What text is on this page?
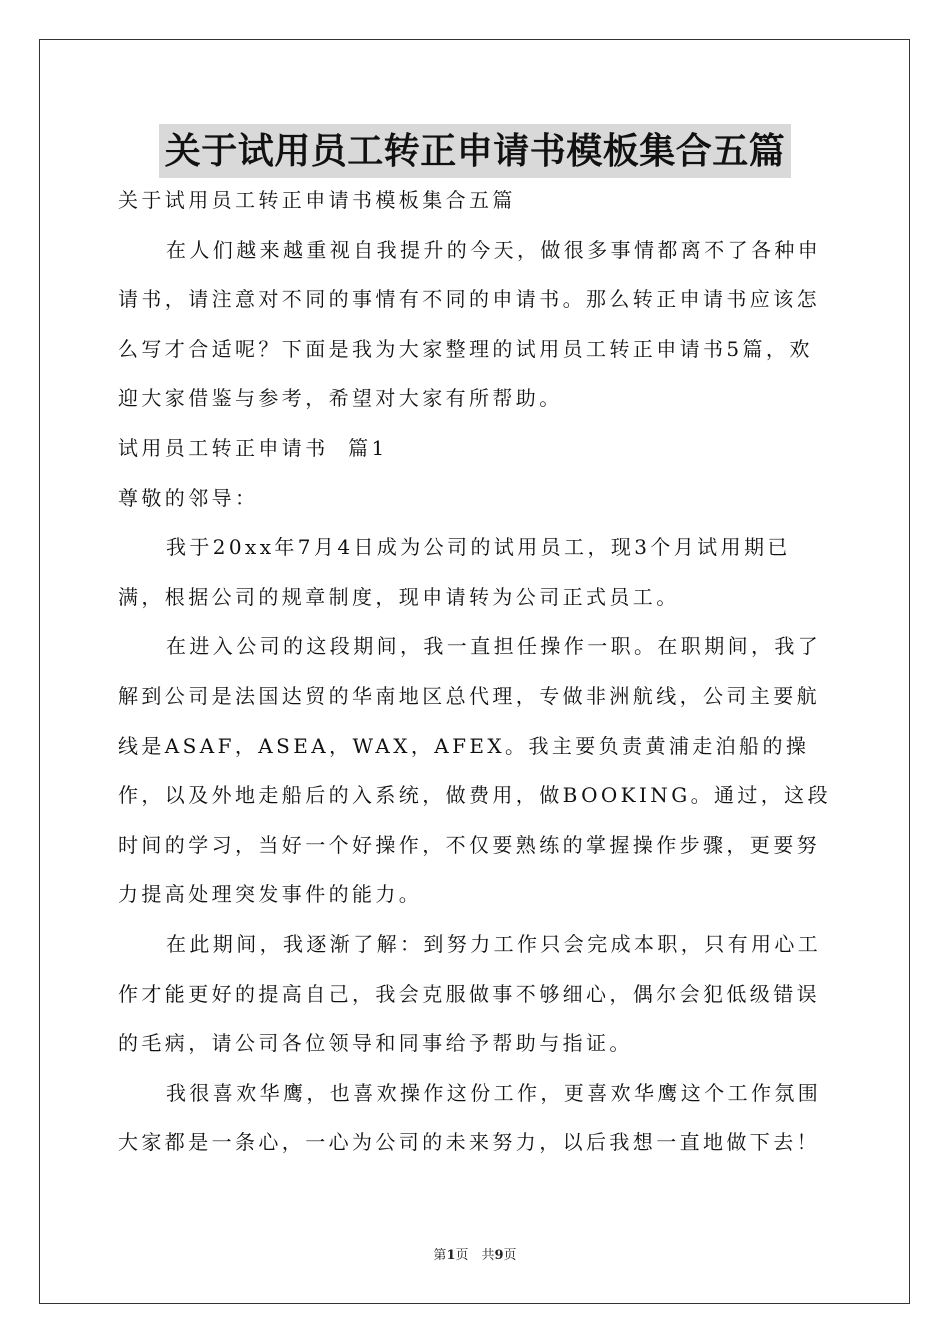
关于试用员工转正申请书模板集合五篇

关于试用员工转正申请书模板集合五篇

在人们越来越重视自我提升的今天，做很多事情都离不了各种申请书，请注意对不同的事情有不同的申请书。那么转正申请书应该怎么写才合适呢？下面是我为大家整理的试用员工转正申请书5篇，欢迎大家借鉴与参考，希望对大家有所帮助。

试用员工转正申请书  篇1

尊敬的邻导：

我于20xx年7月4日成为公司的试用员工，现3个月试用期已满，根据公司的规章制度，现申请转为公司正式员工。

在进入公司的这段期间，我一直担任操作一职。在职期间，我了解到公司是法国达贸的华南地区总代理，专做非洲航线，公司主要航线是ASAF，ASEA，WAX，AFEX。我主要负责黄浦走泊船的操作，以及外地走船后的入系统，做费用，做BOOKING。通过，这段时间的学习，当好一个好操作，不仅要熟练的掌握操作步骤，更要努力提高处理突发事件的能力。

在此期间，我逐渐了解：到努力工作只会完成本职，只有用心工作才能更好的提高自己，我会克服做事不够细心，偶尔会犯低级错误的毛病，请公司各位领导和同事给予帮助与指证。

我很喜欢华鹰，也喜欢操作这份工作，更喜欢华鹰这个工作氛围大家都是一条心，一心为公司的未来努力，以后我想一直地做下去！

第1页　共9页
